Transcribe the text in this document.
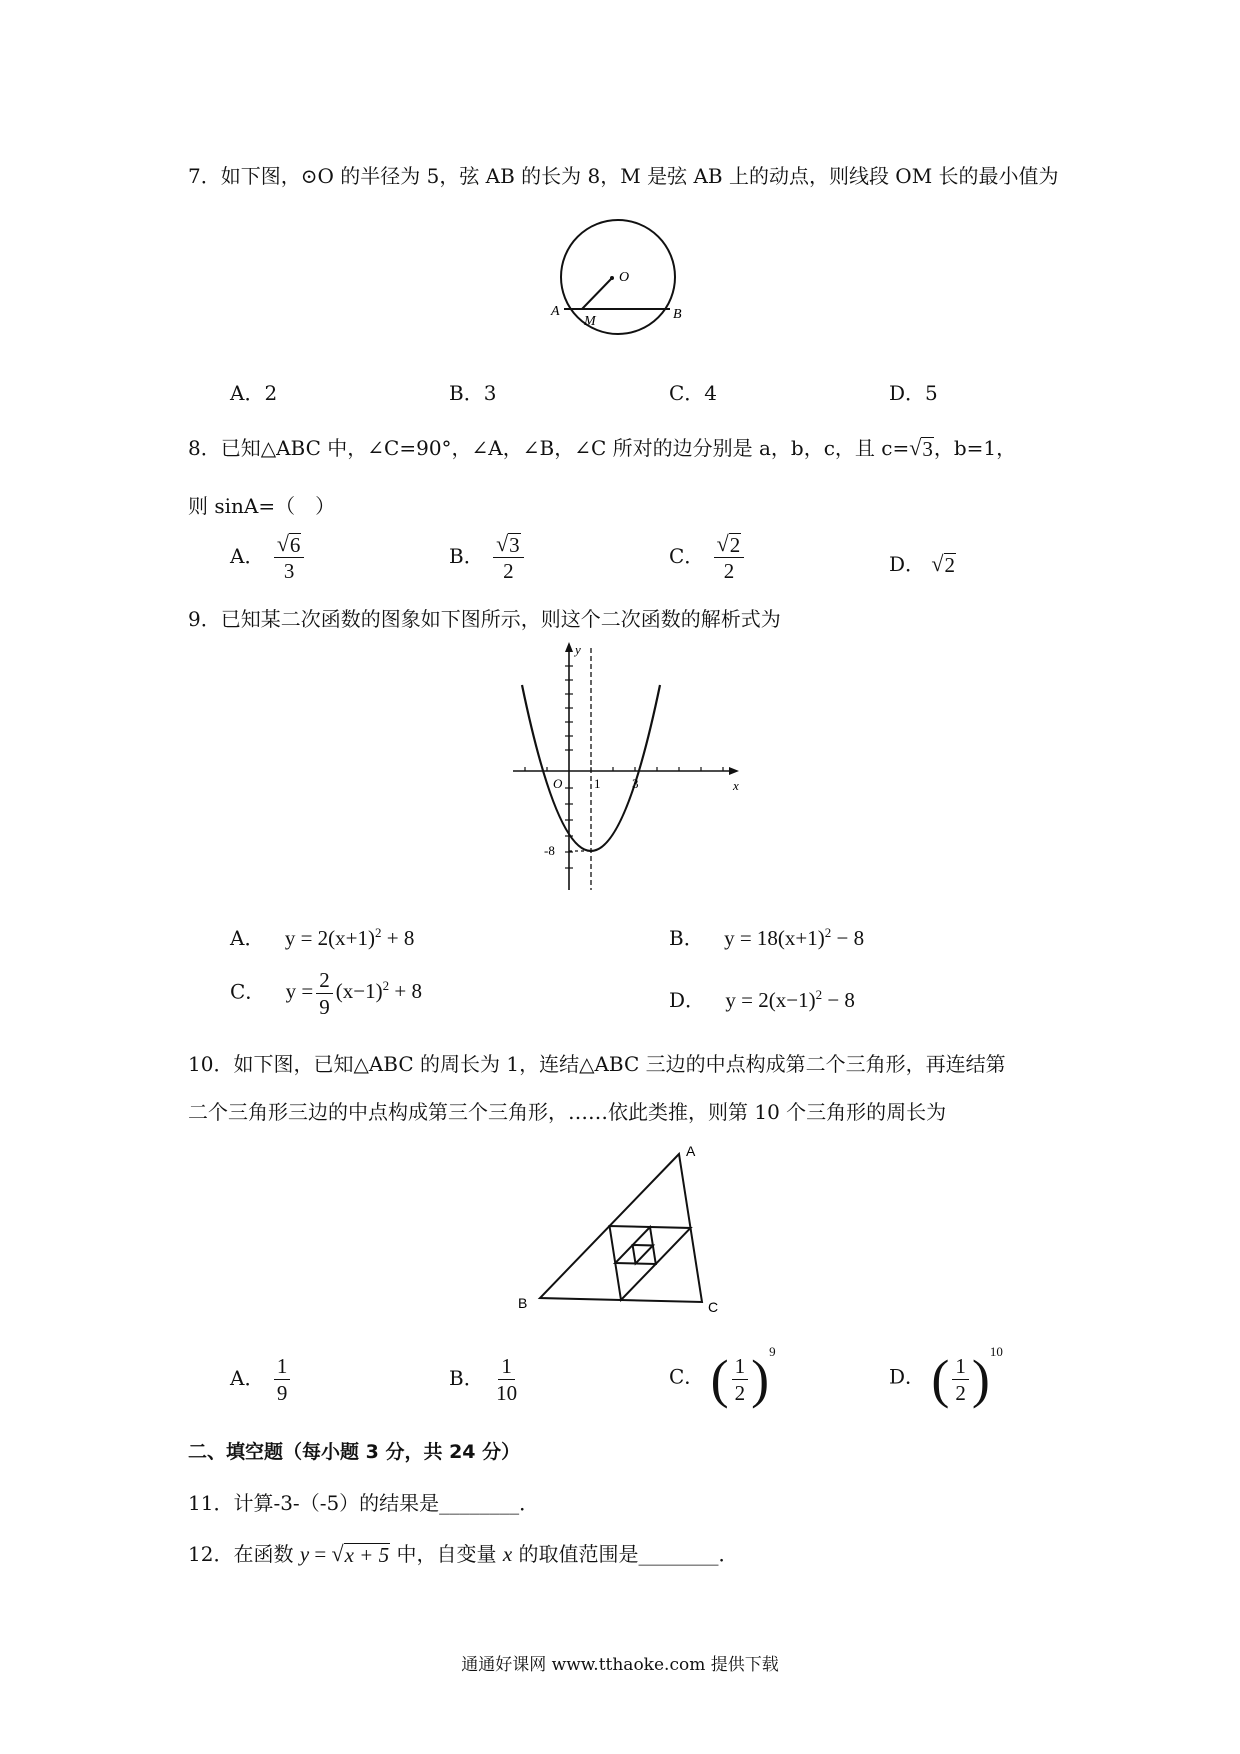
7．如下图，⊙O 的半径为 5，弦 AB 的长为 8，M 是弦 AB 上的动点，则线段 OM 长的最小值为
O
A
M	B
A．2	B．3	C．4	D．5
8．已知△ABC 中，∠C=90°，∠A，∠B，∠C 所对的边分别是 a，b，c，且 c= √ 3 ，b=1，
则 sinA=（　）
A． $\frac{√ 6}{3}$	B． $\frac{√ 3}{2}$	C． $\frac{√ 2}{2}$	D． √ 2
9．已知某二次函数的图象如下图所示，则这个二次函数的解析式为
y
x
O 1 3
-8
A． $y = 2(x+1)^2 + 8$	B． $y = 18(x+1)^2 - 8$
C． $y = \frac{2}{9} (x-1)^2 + 8$	D． $y = 2(x-1)^2 - 8$
10．如下图，已知△ABC 的周长为 1，连结△ABC 三边的中点构成第二个三角形，再连结第
二个三角形三边的中点构成第三个三角形，……依此类推，则第 10 个三角形的周长为
A
B	C
A． $\frac{1}{9}$	B． $\frac{1}{10}$	C． ( $\frac{1}{2} )^9$
D． ( $\frac{1}{2} )^{10}$
二、填空题（每小题 3 分，共 24 分）
11．计算-3-（-5）的结果是________．
12．在函数 y = √ x + 5 中，自变量 x 的取值范围是________．
通通好课网 www.tthaoke.com 提供下载
